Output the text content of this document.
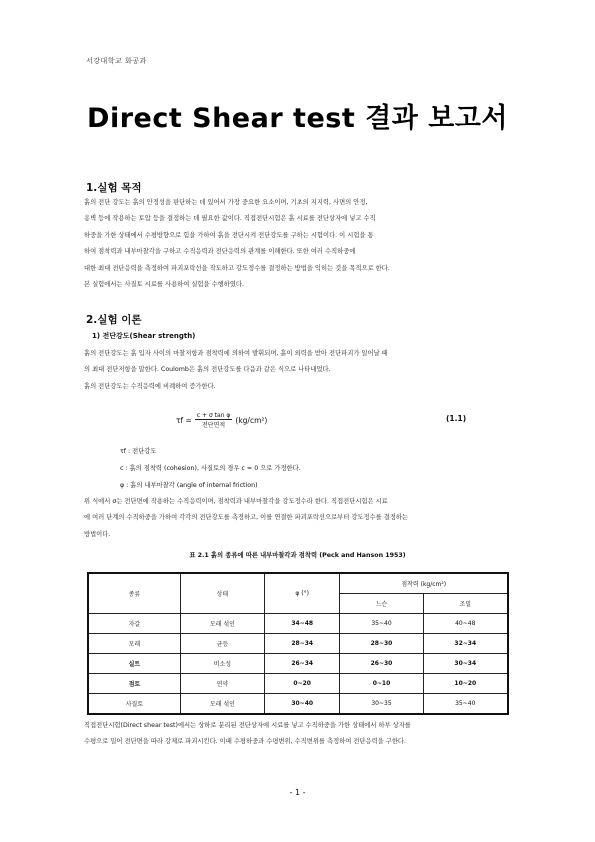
서강대학교 화공과
Direct Shear test 결과 보고서
1.실험 목적
흙의 전단 강도는 흙의 안정성을 판단하는 데 있어서 가장 중요한 요소이며, 기초의 지지력, 사면의 안정,
옹벽 등에 작용하는 토압 등을 결정하는 데 필요한 값이다. 직접전단시험은 흙 시료를 전단상자에 넣고 수직
하중을 가한 상태에서 수평방향으로 힘을 가하여 흙을 전단시켜 전단강도를 구하는 시험이다. 이 시험을 통
하여 점착력과 내부마찰각을 구하고 수직응력과 전단응력의 관계를 이해한다. 또한 여러 수직하중에
대한 최대 전단응력을 측정하여 파괴포락선을 작도하고 강도정수를 결정하는 방법을 익히는 것을 목적으로 한다.
본 실험에서는 사질토 시료를 사용하여 실험을 수행하였다.
2.실험 이론
1) 전단강도(Shear strength)
흙의 전단강도는 흙 입자 사이의 마찰저항과 점착력에 의하여 발휘되며, 흙이 외력을 받아 전단파괴가 일어날 때
의 최대 전단저항을 말한다. Coulomb은 흙의 전단강도를 다음과 같은 식으로 나타내었다.
흙의 전단강도는 수직응력에 비례하여 증가한다.
$\tau f = \frac{\text{c + σ tan φ}}{\text{전단면적}} (kg/cm^2)$	(1.1)
τf : 전단강도
c : 흙의 점착력 (cohesion), 사질토의 경우 c = 0 으로 가정한다.
φ : 흙의 내부마찰각 (angle of internal friction)
위 식에서 σ는 전단면에 작용하는 수직응력이며, 점착력과 내부마찰각을 강도정수라 한다. 직접전단시험은 시료
에 여러 단계의 수직하중을 가하여 각각의 전단강도를 측정하고, 이를 연결한 파괴포락선으로부터 강도정수를 결정하는
방법이다.
표 2.1 흙의 종류에 따른 내부마찰각과 점착력 (Peck and Hanson 1953)
종류	상태	φ (°)	점착력 (kg/cm²)	
			느슨	조밀
자갈	모래 섞인	34~48	35~40	40~48
모래	균등	28~34	28~30	32~34
실트	비소성	26~34	26~30	30~34
점토	연약	0~20	0~10	10~20
사질토	모래 섞인	30~40	30~35	35~40
직접전단시험(Direct shear test)에서는 상하로 분리된 전단상자에 시료를 넣고 수직하중을 가한 상태에서 하부 상자를
수평으로 밀어 전단면을 따라 강제로 파괴시킨다. 이때 수평하중과 수평변위, 수직변위를 측정하여 전단응력을 구한다.
- 1 -
